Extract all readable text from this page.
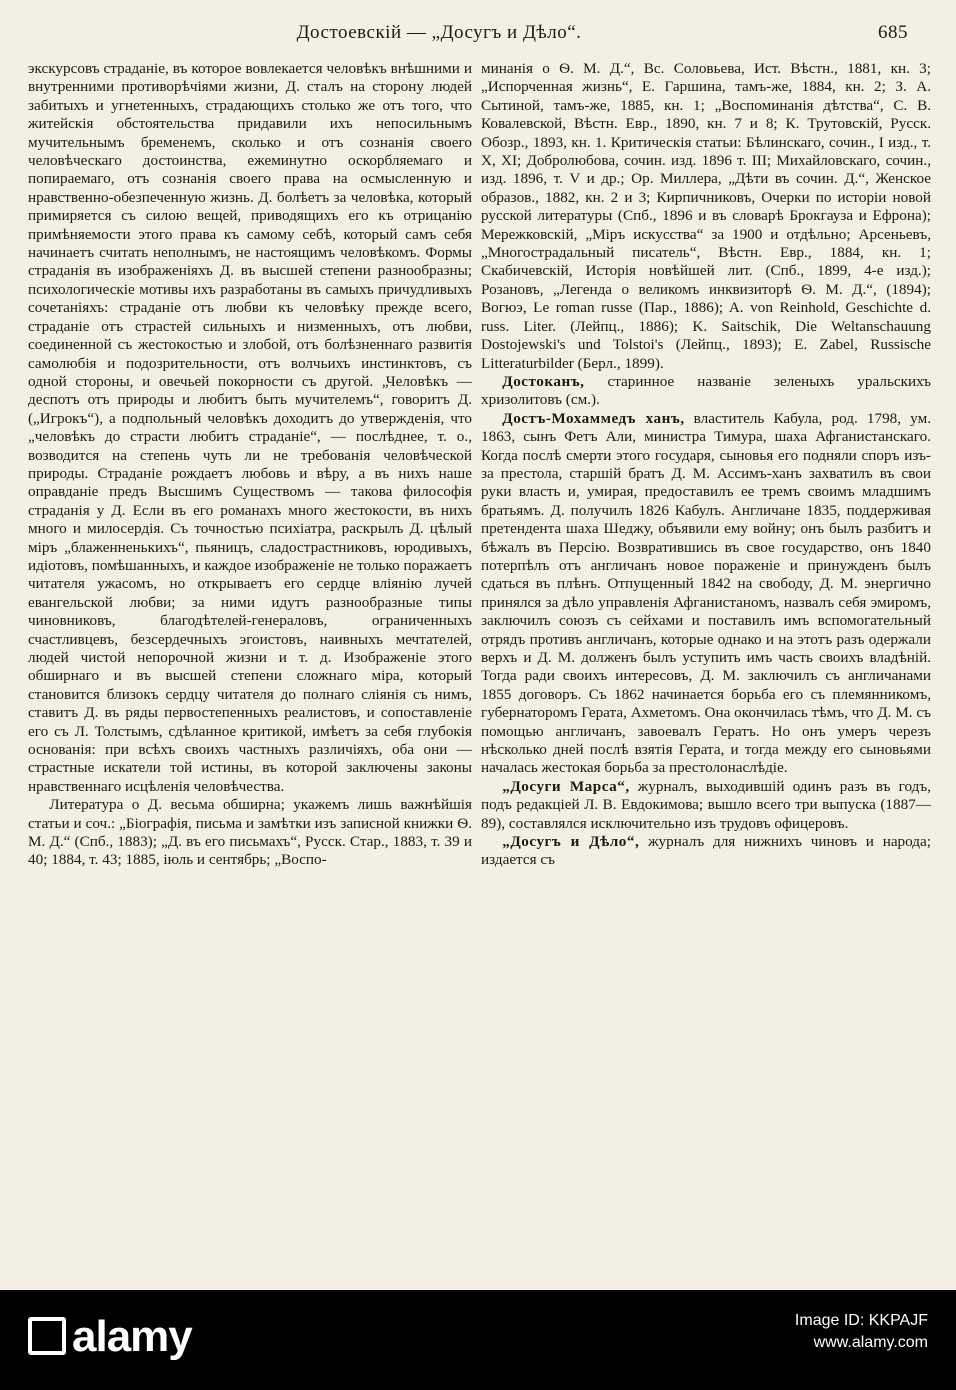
Достоевскiй — „Досугъ и Дѣло“.	685

экскурсовъ страданiе, въ которое вовлекается человѣкъ внѣшними и внутренними противорѣчiями жизни, Д. сталъ на сторону людей забитыхъ и угнетенныхъ, страдающихъ столько же отъ того, что житейскiя обстоятельства придавили ихъ непосильнымъ мучительнымъ бременемъ, сколько и отъ сознанiя своего человѣческаго достоинства, ежеминутно оскорбляемаго и попираемаго, отъ сознанiя своего права на осмысленную и нравственно-обезпеченную жизнь. Д. болѣетъ за человѣка, который примиряется съ силою вещей, приводящихъ его къ отрицанiю примѣняемости этого права къ самому себѣ, который самъ себя начинаетъ считать неполнымъ, не настоящимъ человѣкомъ. Формы страданiя въ изображенiяхъ Д. въ высшей степени разнообразны; психологическiе мотивы ихъ разработаны въ самыхъ причудливыхъ сочетанiяхъ: страданiе отъ любви къ человѣку прежде всего, страданiе отъ страстей сильныхъ и низменныхъ, отъ любви, соединенной съ жестокостью и злобой, отъ болѣзненнаго развитiя самолюбiя и подозрительности, отъ волчьихъ инстинктовъ, съ одной стороны, и овечьей покорности съ другой. „Человѣкъ — деспотъ отъ природы и любитъ быть мучителемъ“, говоритъ Д. („Игрокъ“), а подпольный человѣкъ доходитъ до утвержденiя, что „человѣкъ до страсти любитъ страданiе“, — послѣднее, т. о., возводится на степень чуть ли не требованiя человѣческой природы. Страданiе рождаетъ любовь и вѣру, а въ нихъ наше оправданiе предъ Высшимъ Существомъ — такова философiя страданiя у Д. Если въ его романахъ много жестокости, въ нихъ много и милосердiя. Съ точностью психiатра, раскрылъ Д. цѣлый мiръ „блаженненькихъ“, пьяницъ, сладострастниковъ, юродивыхъ, идiотовъ, помѣшанныхъ, и каждое изображенiе не только поражаетъ читателя ужасомъ, но открываетъ его сердце влiянiю лучей евангельской любви; за ними идутъ разнообразные типы чиновниковъ, благодѣтелей-генераловъ, ограниченныхъ счастливцевъ, безсердечныхъ эгоистовъ, наивныхъ мечтателей, людей чистой непорочной жизни и т. д. Изображенiе этого обширнаго и въ высшей степени сложнаго мiра, который становится близокъ сердцу читателя до полнаго слiянiя съ нимъ, ставитъ Д. въ ряды первостепенныхъ реалистовъ, и сопоставленiе его съ Л. Толстымъ, сдѣланное критикой, имѣетъ за себя глубокiя основанiя: при всѣхъ своихъ частныхъ различiяхъ, оба они — страстные искатели той истины, въ которой заключены законы нравственнаго исцѣленiя человѣчества.

Литература о Д. весьма обширна; укажемъ лишь важнѣйшiя статьи и соч.: „Бiографiя, письма и замѣтки изъ записной книжки Ѳ. М. Д.“ (Спб., 1883); „Д. въ его письмахъ“, Русск. Стар., 1883, т. 39 и 40; 1884, т. 43; 1885, iюль и сентябрь; „Воспо-

минанiя о Ѳ. М. Д.“, Вс. Соловьева, Ист. Вѣстн., 1881, кн. 3; „Испорченная жизнь“, Е. Гаршина, тамъ-же, 1884, кн. 2; З. А. Сытиной, тамъ-же, 1885, кн. 1; „Воспоминанiя дѣтства“, С. В. Ковалевской, Вѣстн. Евр., 1890, кн. 7 и 8; К. Трутовскiй, Русск. Обозр., 1893, кн. 1. Критическiя статьи: Бѣлинскаго, сочин., I изд., т. X, XI; Добролюбова, сочин. изд. 1896 т. III; Михайловскаго, сочин., изд. 1896, т. V и др.; Ор. Миллера, „Дѣти въ сочин. Д.“, Женское образов., 1882, кн. 2 и 3; Кирпичниковъ, Очерки по исторiи новой русской литературы (Спб., 1896 и въ словарѣ Брокгауза и Ефрона); Мережковскiй, „Мiръ искусства“ за 1900 и отдѣльно; Арсеньевъ, „Многострадальный писатель“, Вѣстн. Евр., 1884, кн. 1; Скабичевскiй, Исторiя новѣйшей лит. (Спб., 1899, 4-е изд.); Розановъ, „Легенда о великомъ инквизиторѣ Ѳ. М. Д.“, (1894); Вогюэ, Le roman russe (Пар., 1886); A. von Reinhold, Geschichte d. russ. Liter. (Лейпц., 1886); K. Saitschik, Die Weltanschauung Dostojewski's und Tolstoi's (Лейпц., 1893); E. Zabel, Russische Litteraturbilder (Берл., 1899).

Достоканъ, старинное названiе зеленыхъ уральскихъ хризолитовъ (см.).

Достъ-Мохаммедъ ханъ, властитель Кабула, род. 1798, ум. 1863, сынъ Фетъ Али, министра Тимура, шаха Афганистанскаго. Когда послѣ смерти этого государя, сыновья его подняли споръ изъ-за престола, старшiй братъ Д. М. Ассимъ-ханъ захватилъ въ свои руки власть и, умирая, предоставилъ ее тремъ своимъ младшимъ братьямъ. Д. получилъ 1826 Кабулъ. Англичане 1835, поддерживая претендента шаха Шеджу, объявили ему войну; онъ былъ разбитъ и бѣжалъ въ Персiю. Возвратившись въ свое государство, онъ 1840 потерпѣлъ отъ англичанъ новое пораженiе и принужденъ былъ сдаться въ плѣнъ. Отпущенный 1842 на свободу, Д. М. энергично принялся за дѣло управленiя Афганистаномъ, назвалъ себя эмиромъ, заключилъ союзъ съ сейхами и поставилъ имъ вспомогательный отрядъ противъ англичанъ, которые однако и на этотъ разъ одержали верхъ и Д. М. долженъ былъ уступить имъ часть своихъ владѣнiй. Тогда ради своихъ интересовъ, Д. М. заключилъ съ англичанами 1855 договоръ. Съ 1862 начинается борьба его съ племянникомъ, губернаторомъ Герата, Ахметомъ. Она окончилась тѣмъ, что Д. М. съ помощью англичанъ, завоевалъ Гератъ. Но онъ умеръ черезъ нѣсколько дней послѣ взятiя Герата, и тогда между его сыновьями началась жестокая борьба за престолонаслѣдiе.

„Досуги Марса“, журналъ, выходившiй одинъ разъ въ годъ, подъ редакцiей Л. В. Евдокимова; вышло всего три выпуска (1887—89), составлялся исключительно изъ трудовъ офицеровъ.

„Досугъ и Дѣло“, журналъ для нижнихъ чиновъ и народа; издается съ

alamy	Image ID: KKPAJF
www.alamy.com
